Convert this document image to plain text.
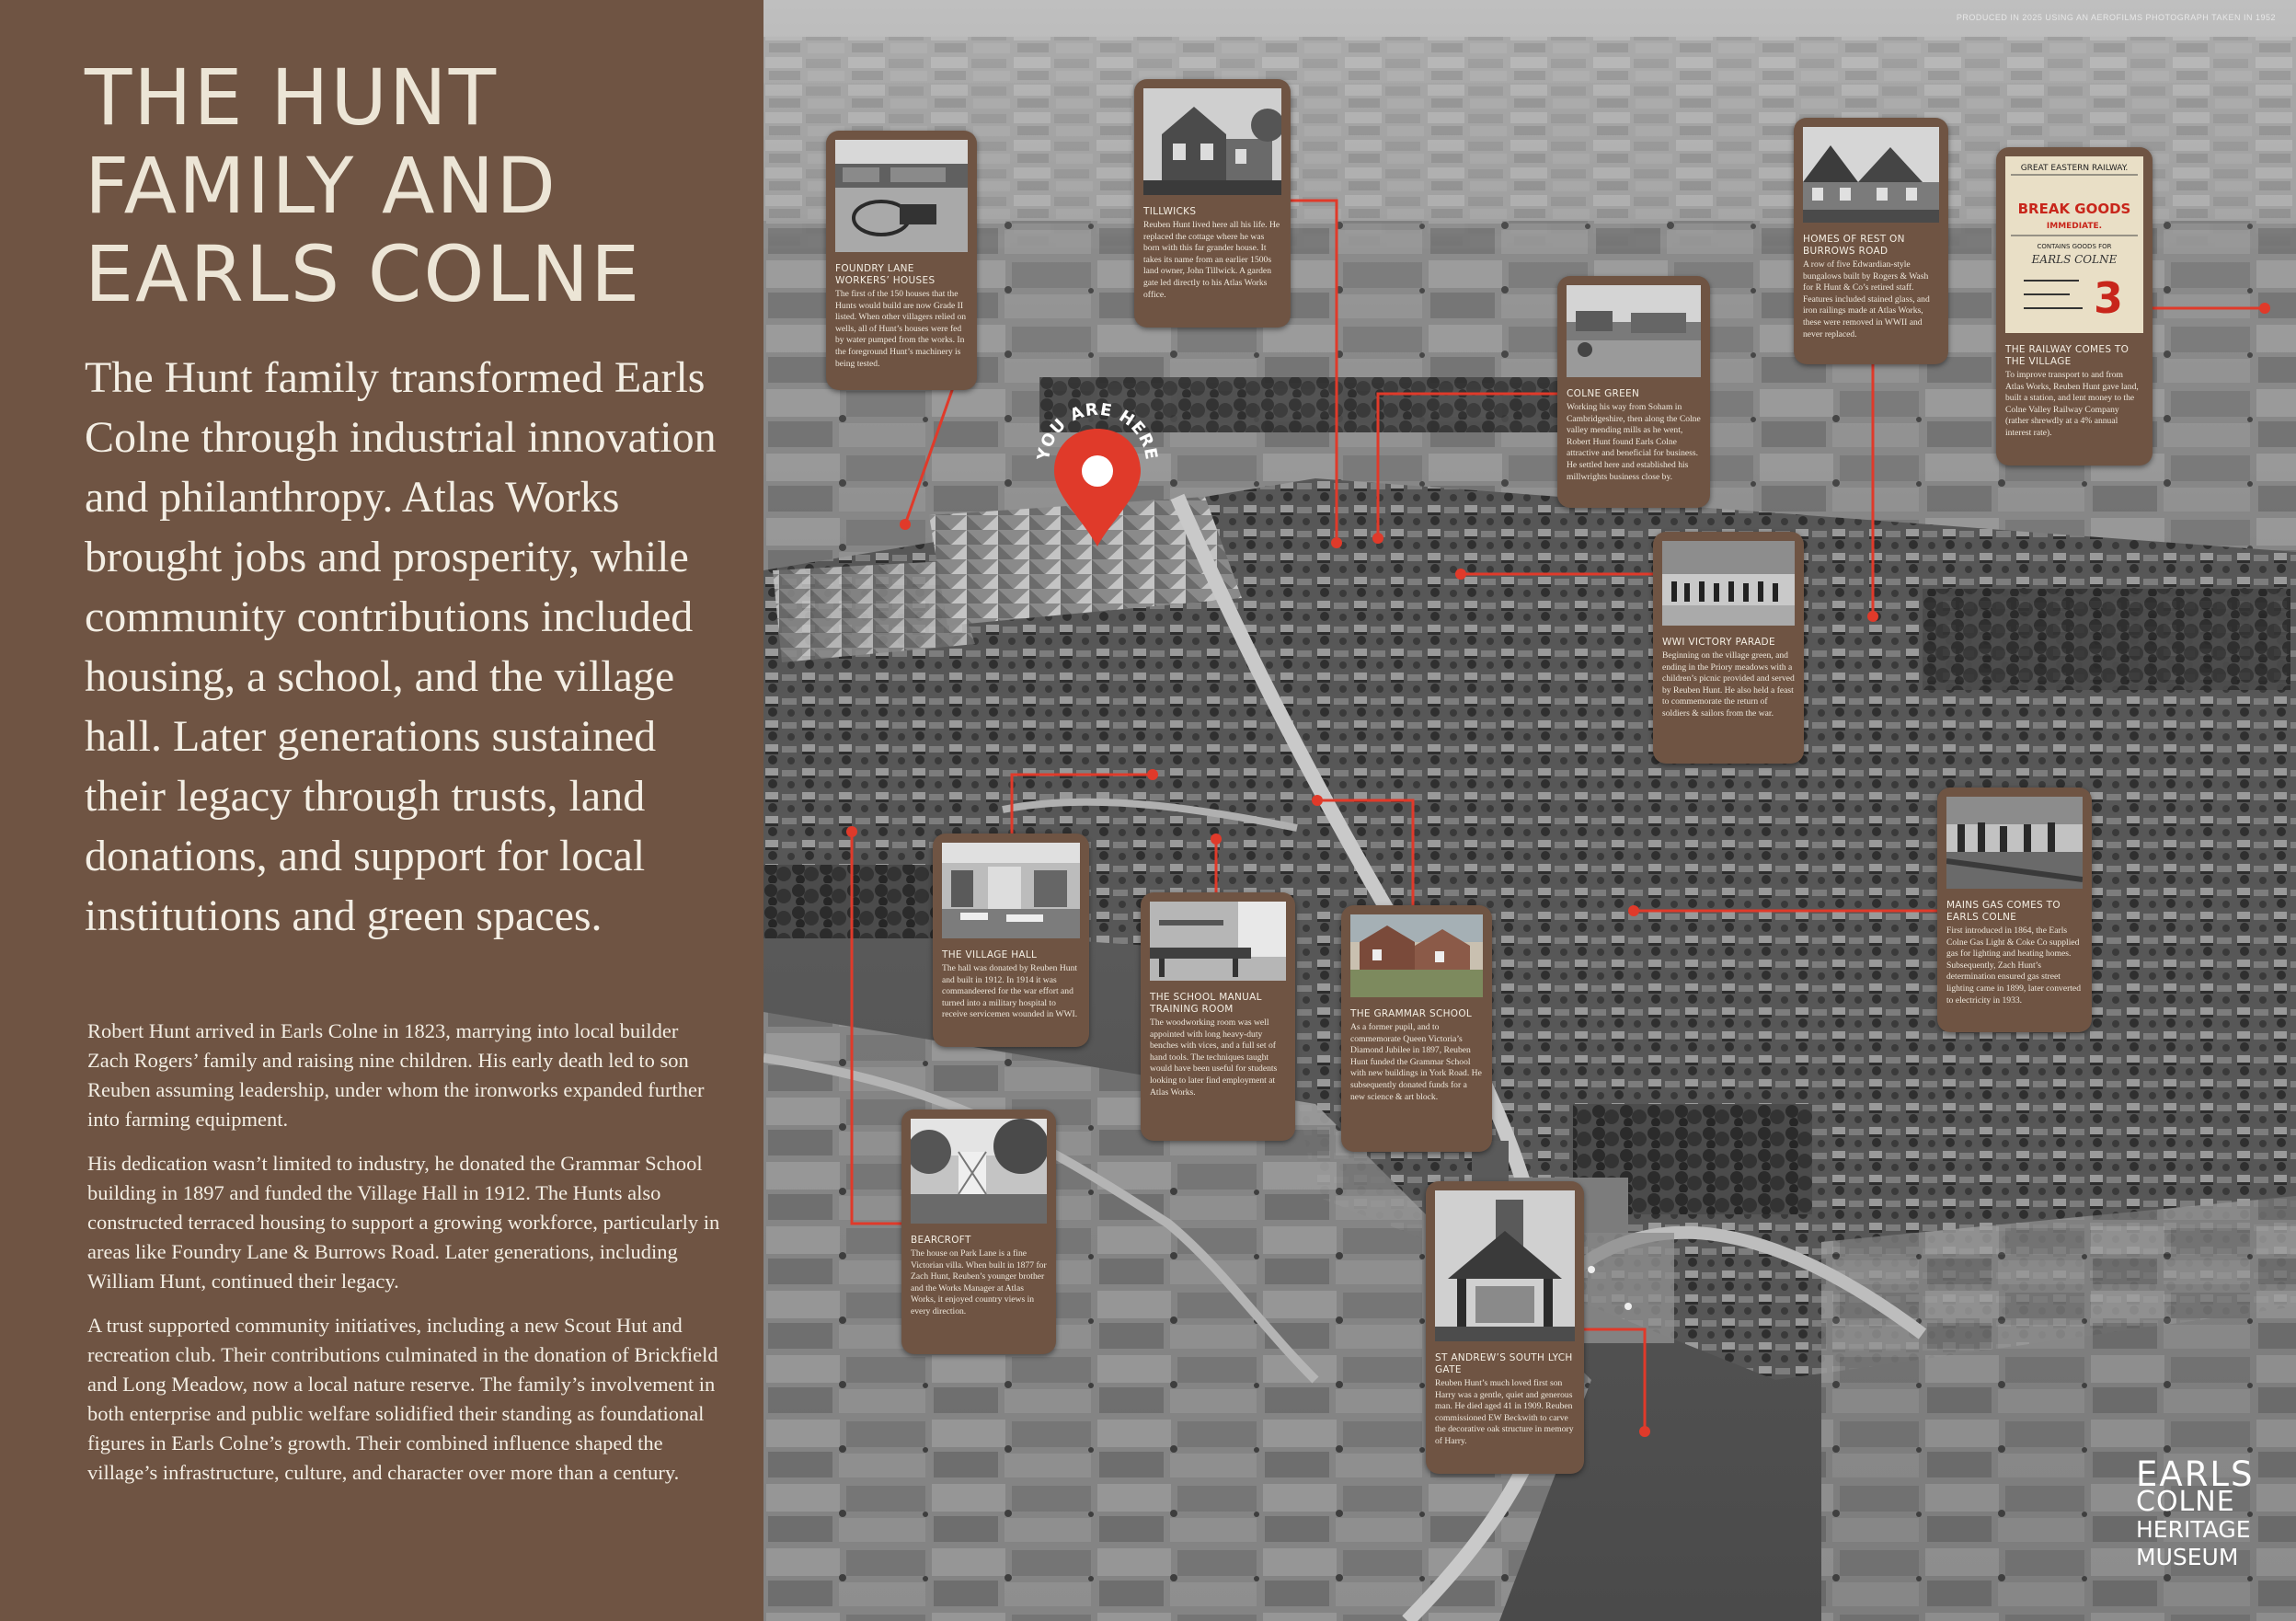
THE HUNT
FAMILY AND
EARLS COLNE
The Hunt family transformed Earls Colne through industrial innovation and philanthropy. Atlas Works brought jobs and prosperity, while community contributions included housing, a school, and the village hall. Later generations sustained their legacy through trusts, land donations, and support for local institutions and green spaces.

Robert Hunt arrived in Earls Colne in 1823, marrying into local builder Zach Rogers’ family and raising nine children. His early death led to son Reuben assuming leadership, under whom the ironworks expanded further into farming equipment.

His dedication wasn’t limited to industry, he donated the Grammar School building in 1897 and funded the Village Hall in 1912. The Hunts also constructed terraced housing to support a growing workforce, particularly in areas like Foundry Lane & Burrows Road. Later generations, including William Hunt, continued their legacy.

A trust supported community initiatives, including a new Scout Hut and recreation club. Their contributions culminated in the donation of Brickfield and Long Meadow, now a local nature reserve. The family’s involvement in both enterprise and public welfare solidified their standing as foundational figures in Earls Colne’s growth. Their combined influence shaped the village’s infrastructure, culture, and character over more than a century.

PRODUCED IN 2025 USING AN AEROFILMS PHOTOGRAPH TAKEN IN 1952
EARLS
COLNE
HERITAGE
MUSEUM
YOU ARE HERE
FOUNDRY LANE WORKERS’ HOUSES
The first of the 150 houses that the Hunts would build are now Grade II listed. When other villagers relied on wells, all of Hunt’s houses were fed by water pumped from the works. In the foreground Hunt’s machinery is being tested.
TILLWICKS
Reuben Hunt lived here all his life. He replaced the cottage where he was born with this far grander house. It takes its name from an earlier 1500s land owner, John Tillwick. A garden gate led directly to his Atlas Works office.
COLNE GREEN
Working his way from Soham in Cambridgeshire, then along the Colne valley mending mills as he went, Robert Hunt found Earls Colne attractive and beneficial for business. He settled here and established his millwrights business close by.
HOMES OF REST ON BURROWS ROAD
A row of five Edwardian-style bungalows built by Rogers & Wash for R Hunt & Co’s retired staff. Features included stained glass, and iron railings made at Atlas Works, these were removed in WWII and never replaced.
GREAT EASTERN RAILWAY.
BREAK GOODS
IMMEDIATE.
CONTAINS GOODS FOR
EARLS COLNE
3
THE RAILWAY COMES TO THE VILLAGE
To improve transport to and from Atlas Works, Reuben Hunt gave land, built a station, and lent money to the Colne Valley Railway Company (rather shrewdly at a 4% annual interest rate).
WWI VICTORY PARADE
Beginning on the village green, and ending in the Priory meadows with a children’s picnic provided and served by Reuben Hunt. He also held a feast to commemorate the return of soldiers & sailors from the war.
MAINS GAS COMES TO EARLS COLNE
First introduced in 1864, the Earls Colne Gas Light & Coke Co supplied gas for lighting and heating homes. Subsequently, Zach Hunt’s determination ensured gas street lighting came in 1899, later converted to electricity in 1933.
THE VILLAGE HALL
The hall was donated by Reuben Hunt and built in 1912. In 1914 it was commandeered for the war effort and turned into a military hospital to receive servicemen wounded in WWI.
THE SCHOOL MANUAL TRAINING ROOM
The woodworking room was well appointed with long heavy-duty benches with vices, and a full set of hand tools. The techniques taught would have been useful for students looking to later find employment at Atlas Works.
THE GRAMMAR SCHOOL
As a former pupil, and to commemorate Queen Victoria’s Diamond Jubilee in 1897, Reuben Hunt funded the Grammar School with new buildings in York Road. He subsequently donated funds for a new science & art block.
BEARCROFT
The house on Park Lane is a fine Victorian villa. When built in 1877 for Zach Hunt, Reuben’s younger brother and the Works Manager at Atlas Works, it enjoyed country views in every direction.
ST ANDREW’S SOUTH LYCH GATE
Reuben Hunt’s much loved first son Harry was a gentle, quiet and generous man. He died aged 41 in 1909. Reuben commissioned EW Beckwith to carve the decorative oak structure in memory of Harry.
